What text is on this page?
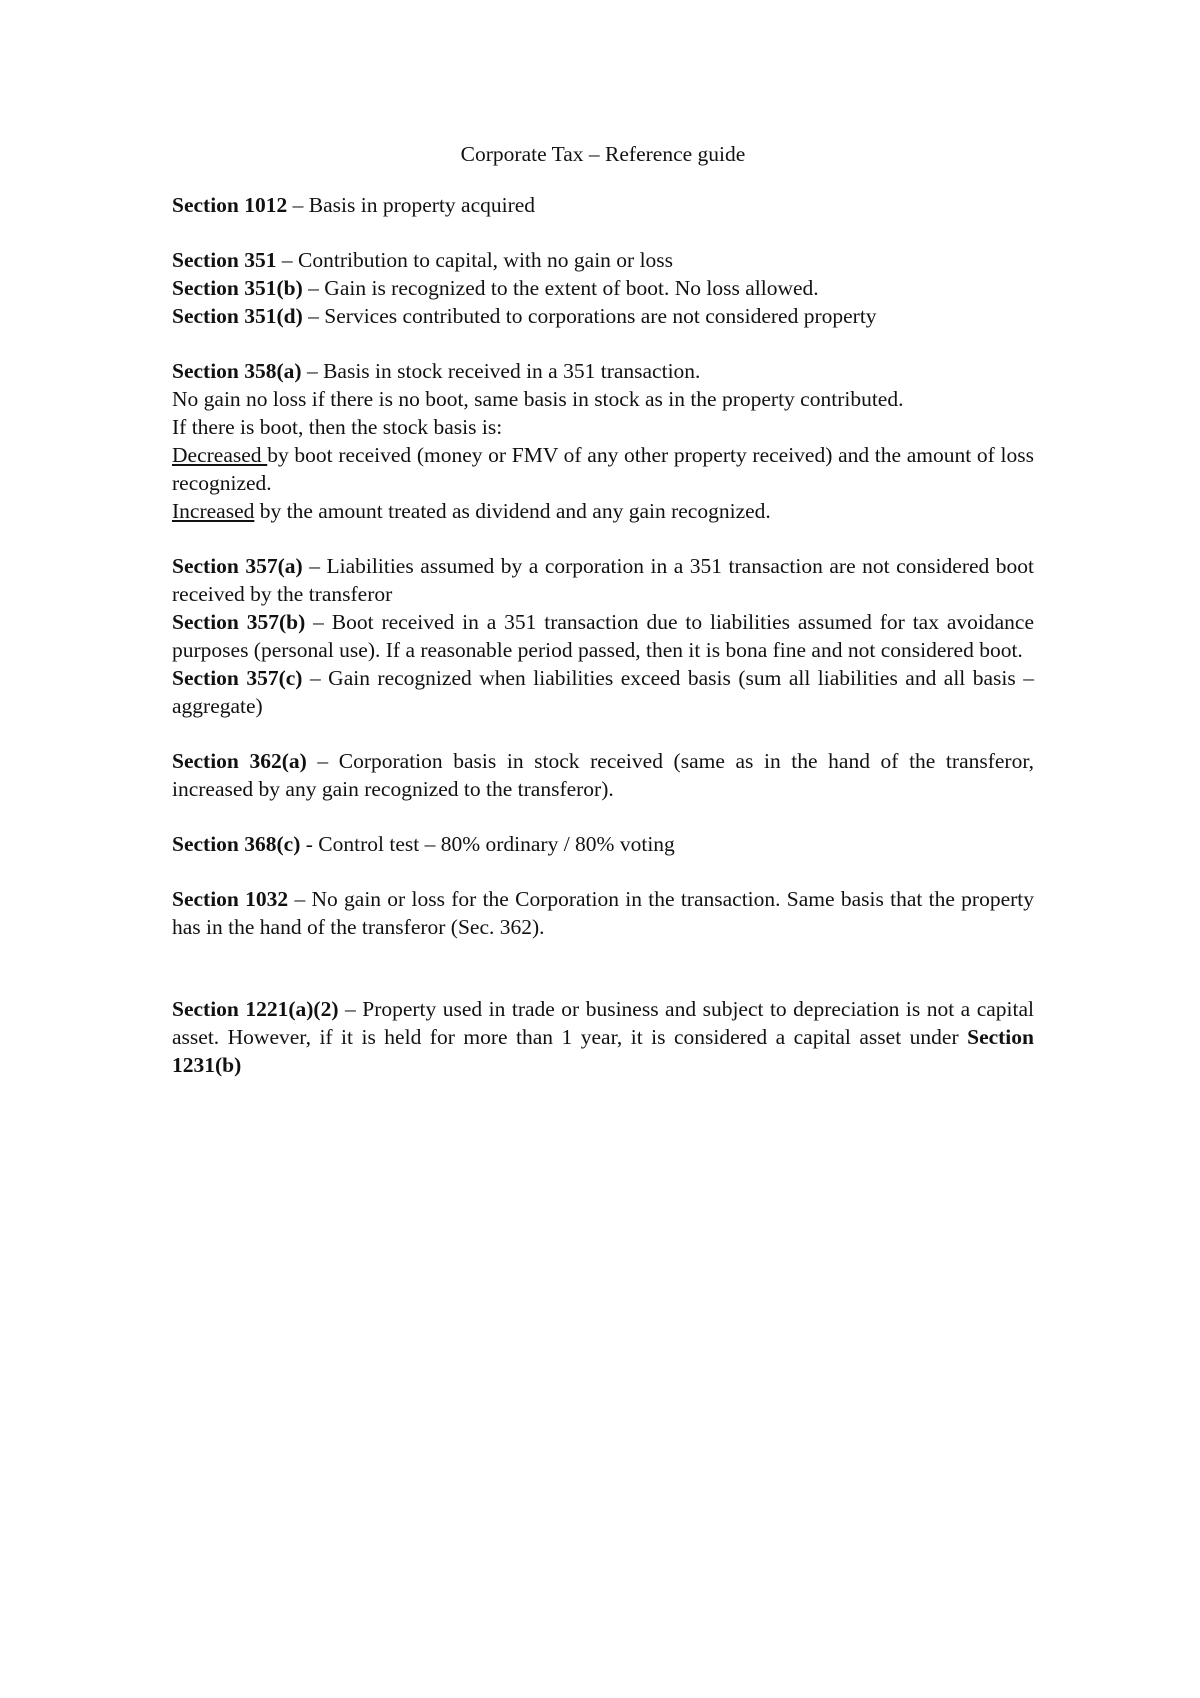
Corporate Tax – Reference guide
Section 1012 – Basis in property acquired
Section 351 – Contribution to capital, with no gain or loss
Section 351(b) – Gain is recognized to the extent of boot. No loss allowed.
Section 351(d) – Services contributed to corporations are not considered property
Section 358(a) – Basis in stock received in a 351 transaction.
No gain no loss if there is no boot, same basis in stock as in the property contributed.
If there is boot, then the stock basis is:
Decreased by boot received (money or FMV of any other property received) and the amount of loss recognized.
Increased by the amount treated as dividend and any gain recognized.
Section 357(a) – Liabilities assumed by a corporation in a 351 transaction are not considered boot received by the transferor
Section 357(b) – Boot received in a 351 transaction due to liabilities assumed for tax avoidance purposes (personal use). If a reasonable period passed, then it is bona fine and not considered boot.
Section 357(c) – Gain recognized when liabilities exceed basis (sum all liabilities and all basis – aggregate)
Section 362(a) – Corporation basis in stock received (same as in the hand of the transferor, increased by any gain recognized to the transferor).
Section 368(c) - Control test – 80% ordinary / 80% voting
Section 1032 – No gain or loss for the Corporation in the transaction. Same basis that the property has in the hand of the transferor (Sec. 362).
Section 1221(a)(2) – Property used in trade or business and subject to depreciation is not a capital asset. However, if it is held for more than 1 year, it is considered a capital asset under Section 1231(b)
